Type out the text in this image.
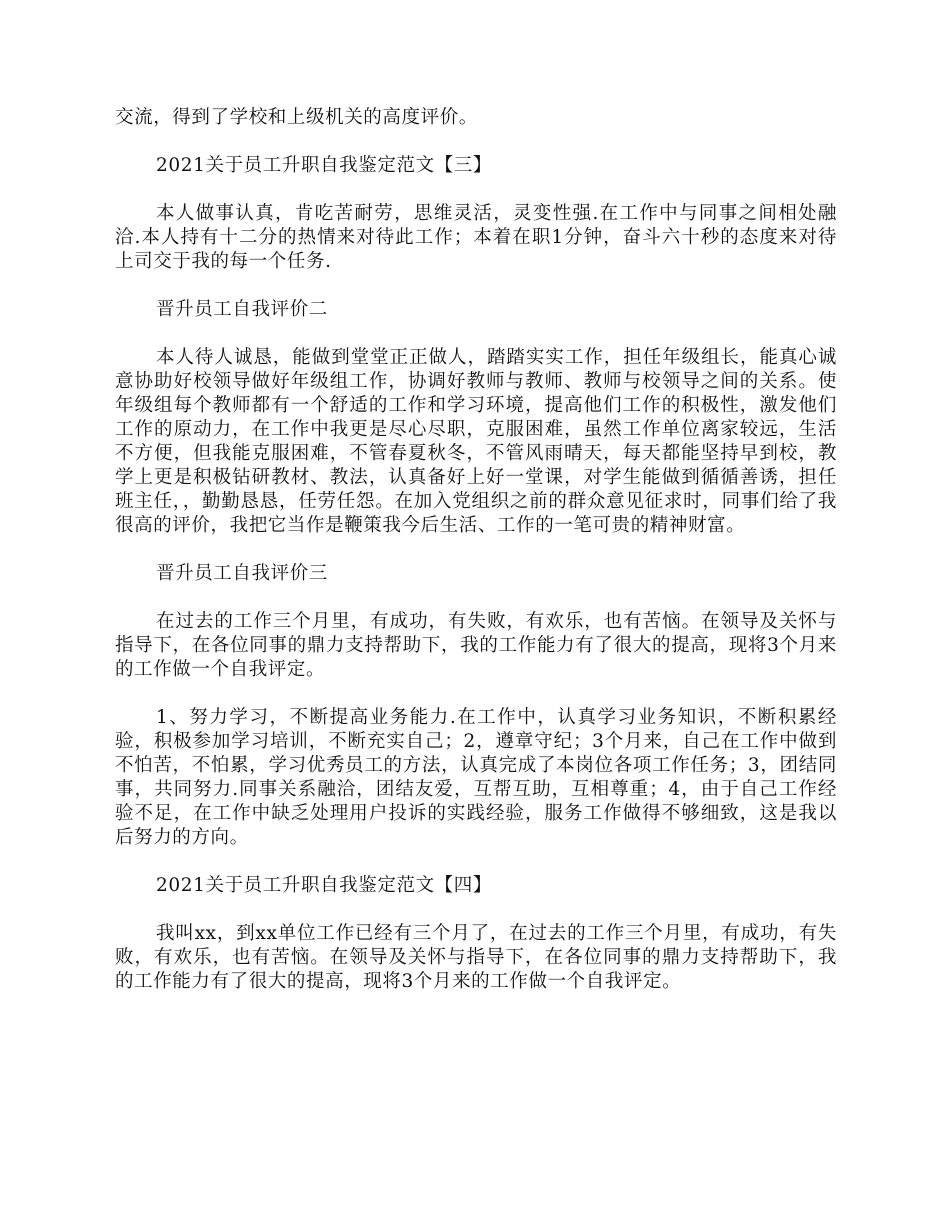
交流，得到了学校和上级机关的高度评价。

2021关于员工升职自我鉴定范文【三】

本人做事认真，肯吃苦耐劳，思维灵活，灵变性强.在工作中与同事之间相处融洽.本人持有十二分的热情来对待此工作；本着在职1分钟，奋斗六十秒的态度来对待上司交于我的每一个任务.

晋升员工自我评价二

本人待人诚恳，能做到堂堂正正做人，踏踏实实工作，担任年级组长，能真心诚意协助好校领导做好年级组工作，协调好教师与教师、教师与校领导之间的关系。使年级组每个教师都有一个舒适的工作和学习环境，提高他们工作的积极性，激发他们工作的原动力，在工作中我更是尽心尽职，克服困难，虽然工作单位离家较远，生活不方便，但我能克服困难，不管春夏秋冬，不管风雨晴天，每天都能坚持早到校，教学上更是积极钻研教材、教法，认真备好上好一堂课，对学生能做到循循善诱，担任班主任，，勤勤恳恳，任劳任怨。在加入党组织之前的群众意见征求时，同事们给了我很高的评价，我把它当作是鞭策我今后生活、工作的一笔可贵的精神财富。

晋升员工自我评价三

在过去的工作三个月里，有成功，有失败，有欢乐，也有苦恼。在领导及关怀与指导下，在各位同事的鼎力支持帮助下，我的工作能力有了很大的提高，现将3个月来的工作做一个自我评定。

1、努力学习，不断提高业务能力.在工作中，认真学习业务知识，不断积累经验，积极参加学习培训，不断充实自己；2，遵章守纪；3个月来，自己在工作中做到不怕苦，不怕累，学习优秀员工的方法，认真完成了本岗位各项工作任务；3，团结同事，共同努力.同事关系融洽，团结友爱，互帮互助，互相尊重；4，由于自己工作经验不足，在工作中缺乏处理用户投诉的实践经验，服务工作做得不够细致，这是我以后努力的方向。

2021关于员工升职自我鉴定范文【四】

我叫xx，到xx单位工作已经有三个月了，在过去的工作三个月里，有成功，有失败，有欢乐，也有苦恼。在领导及关怀与指导下，在各位同事的鼎力支持帮助下，我的工作能力有了很大的提高，现将3个月来的工作做一个自我评定。
